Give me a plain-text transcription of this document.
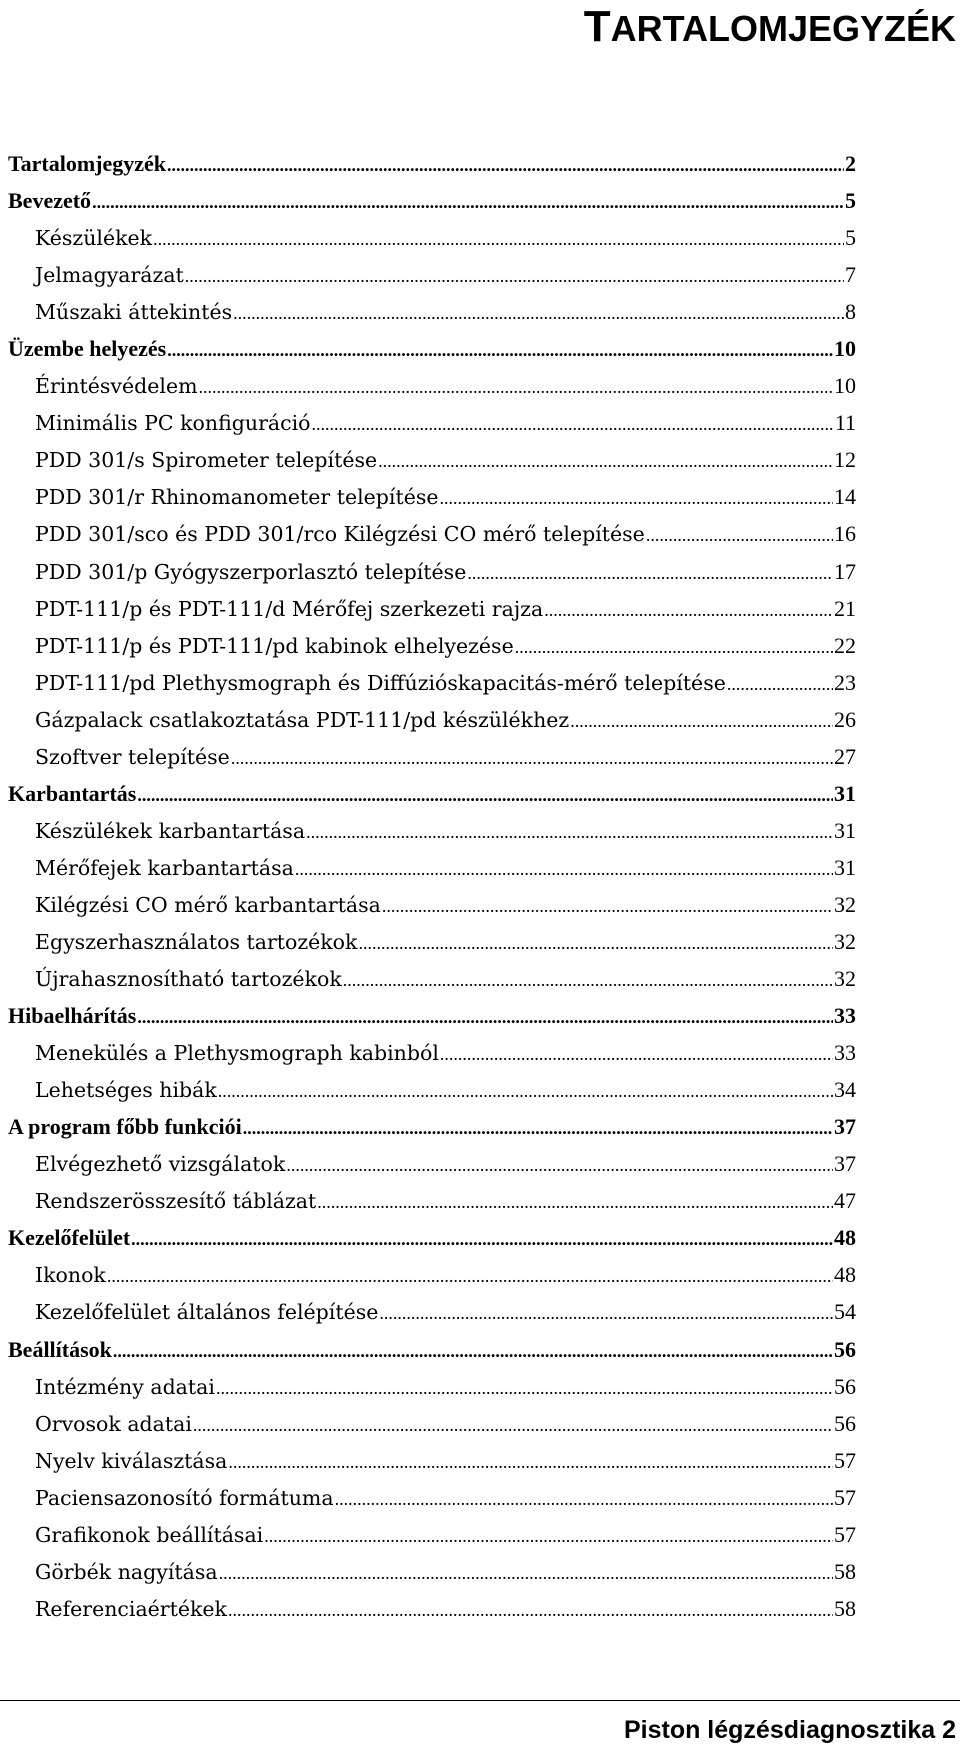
TARTALOMJEGYZÉK
Tartalomjegyzék .....	2
Bevezető .....	5
Készülékek .....	5
Jelmagyarázat .....	7
Műszaki áttekintés .....	8
Üzembe helyezés .....	10
Érintésvédelem .....	10
Minimális PC konfiguráció .....	11
PDD 301/s Spirometer telepítése .....	12
PDD 301/r Rhinomanometer telepítése .....	14
PDD 301/sco és PDD 301/rco Kilégzési CO mérő telepítése .....	16
PDD 301/p Gyógyszerporlasztó telepítése .....	17
PDT-111/p és PDT-111/d Mérőfej szerkezeti rajza .....	21
PDT-111/p és PDT-111/pd kabinok elhelyezése .....	22
PDT-111/pd Plethysmograph és Diffúzióskapacitás-mérő telepítése .....	23
Gázpalack csatlakoztatása PDT-111/pd készülékhez .....	26
Szoftver telepítése .....	27
Karbantartás .....	31
Készülékek karbantartása .....	31
Mérőfejek karbantartása .....	31
Kilégzési CO mérő karbantartása .....	32
Egyszerhasználatos tartozékok .....	32
Újrahasznosítható tartozékok .....	32
Hibaelhárítás .....	33
Menekülés a Plethysmograph kabinból .....	33
Lehetséges hibák .....	34
A program főbb funkciói .....	37
Elvégezhető vizsgálatok .....	37
Rendszerösszesítő táblázat .....	47
Kezelőfelület .....	48
Ikonok .....	48
Kezelőfelület általános felépítése .....	54
Beállítások .....	56
Intézmény adatai .....	56
Orvosok adatai .....	56
Nyelv kiválasztása .....	57
Paciensazonosító formátuma .....	57
Grafikonok beállításai .....	57
Görbék nagyítása .....	58
Referenciaértékek .....	58
Piston légzésdiagnosztika 2
